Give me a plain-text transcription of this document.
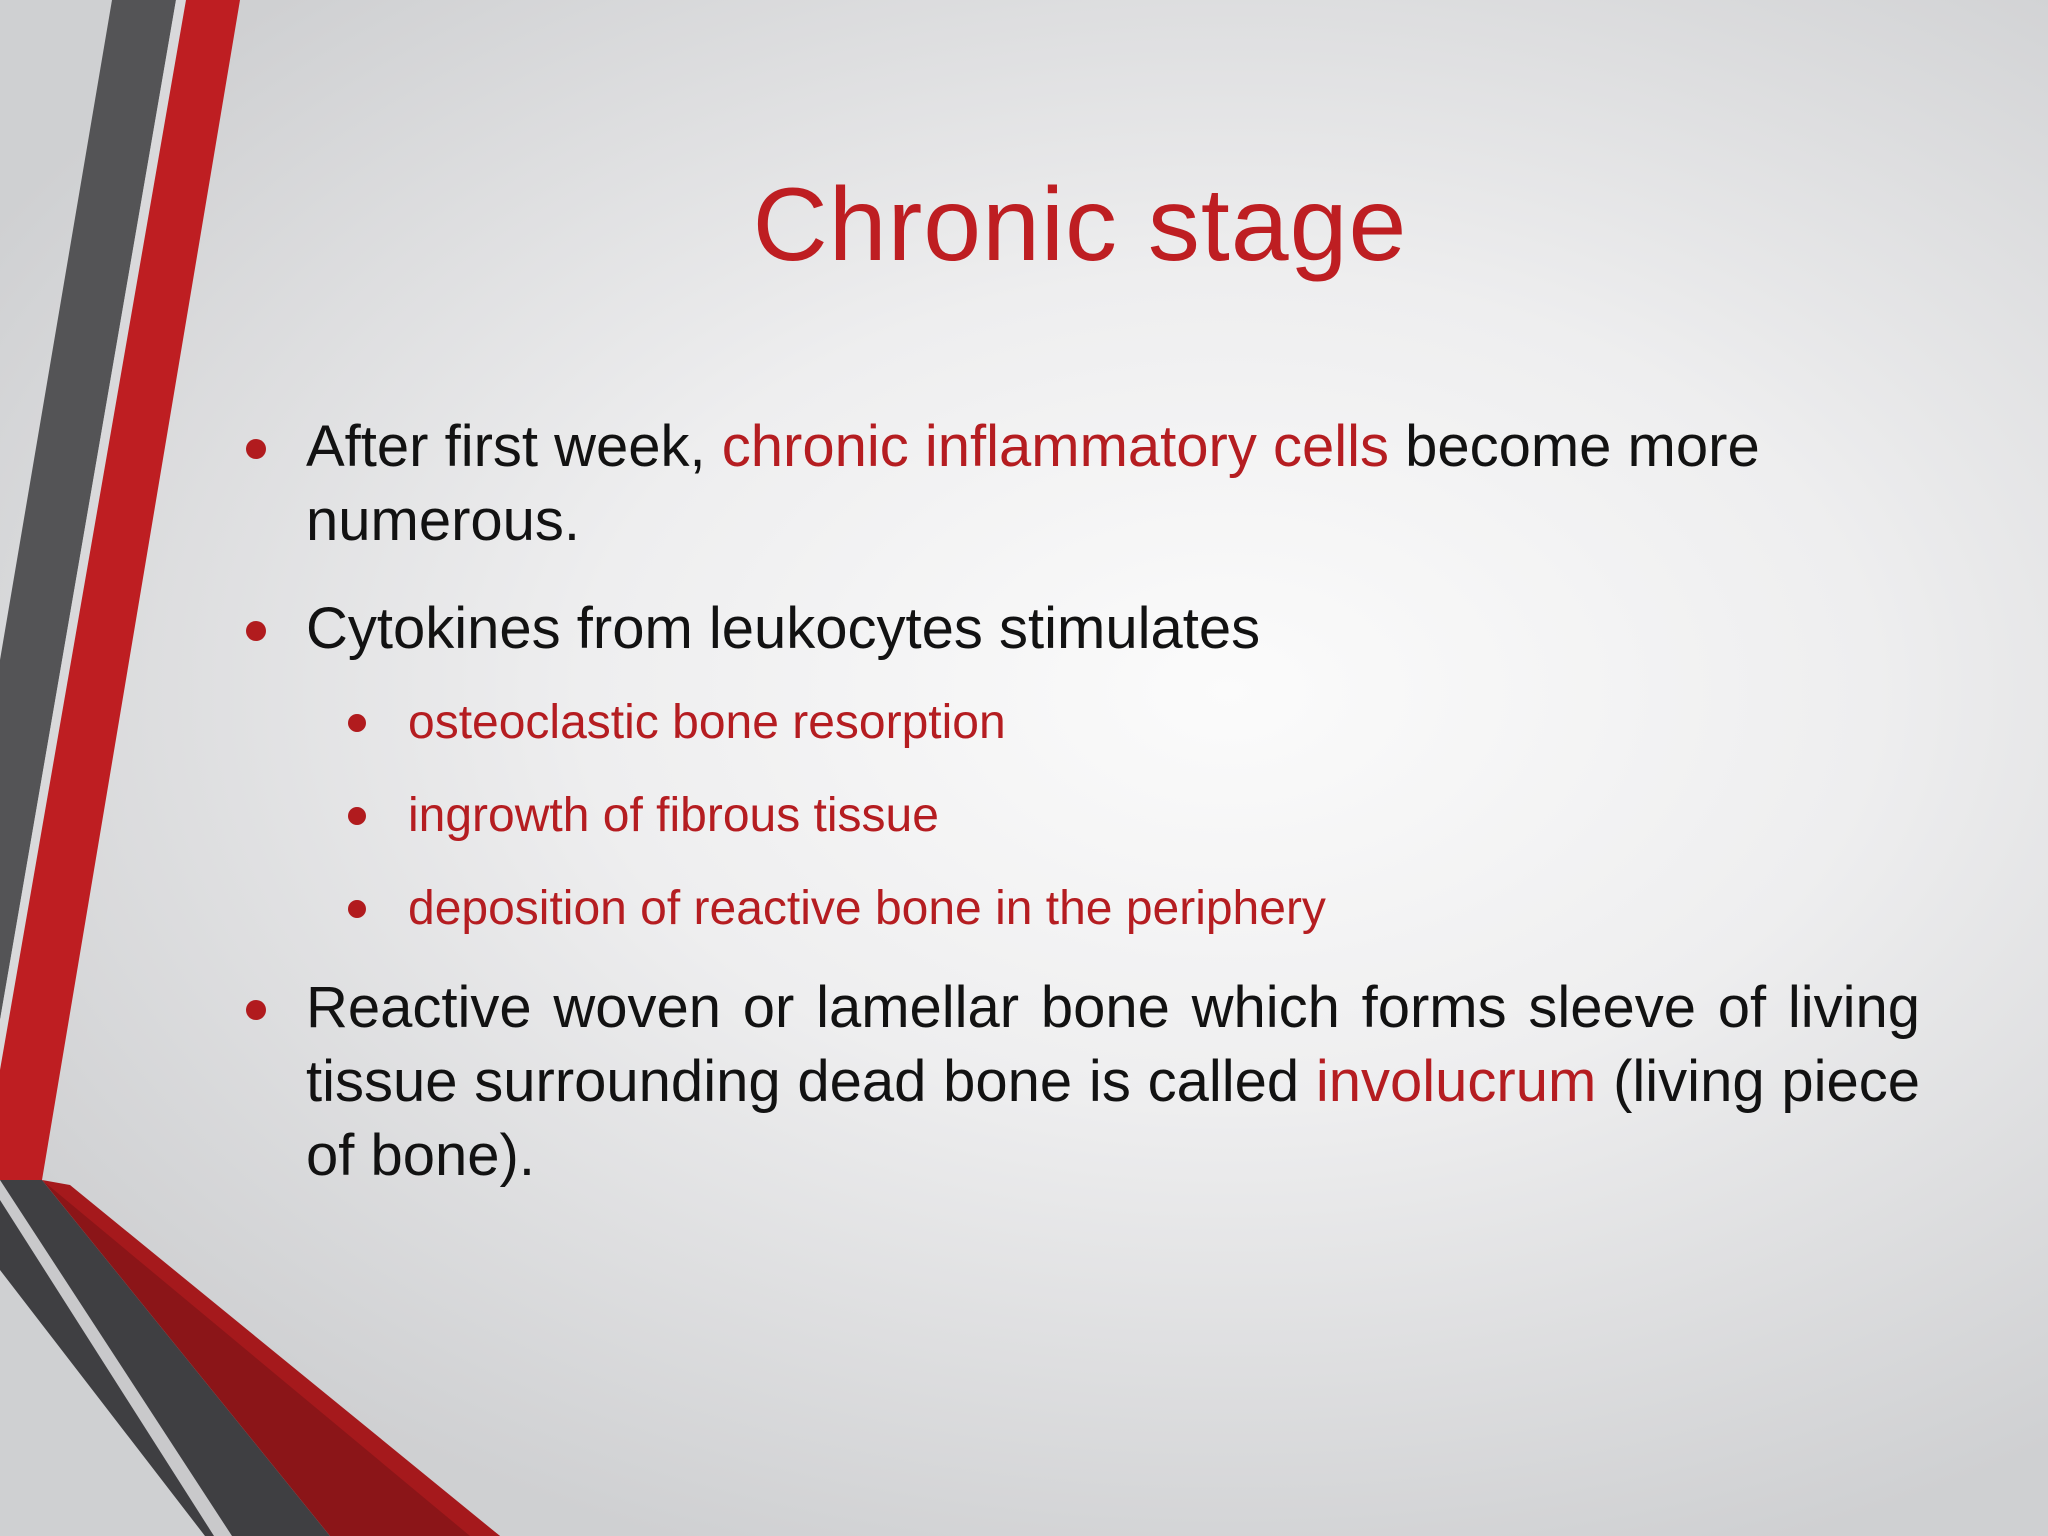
Chronic stage
After first week, chronic inflammatory cells become more numerous.
Cytokines from leukocytes stimulates
osteoclastic bone resorption
ingrowth of fibrous tissue
deposition of reactive bone in the periphery
Reactive woven or lamellar bone which forms sleeve of living tissue surrounding dead bone is called involucrum (living piece of bone).
